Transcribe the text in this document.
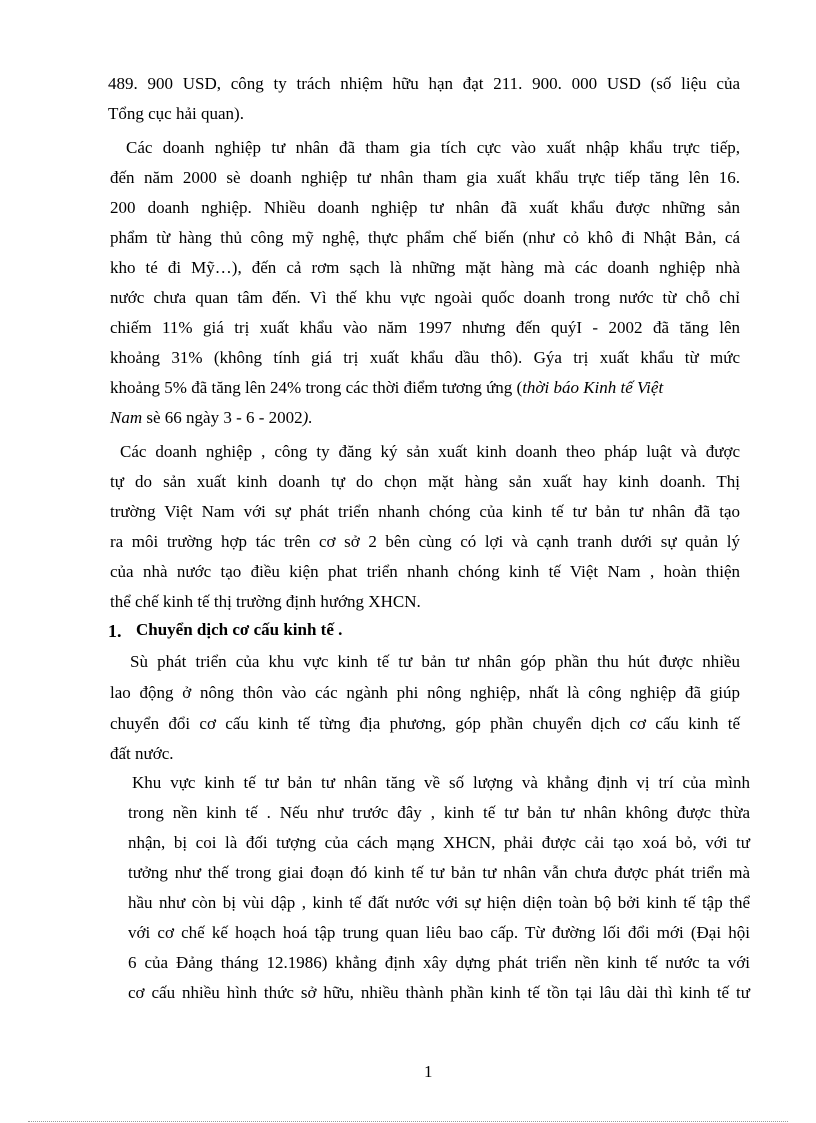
489. 900 USD, công ty trách nhiệm hữu hạn đạt 211. 900. 000 USD (số liệu của
Tổng cục hải quan).
Các doanh nghiệp tư nhân đã tham gia tích cực vào xuất nhập khẩu trực tiếp,
đến năm 2000 sè doanh nghiệp tư nhân tham gia xuất khẩu trực tiếp tăng lên 16.
200 doanh nghiệp. Nhiều doanh nghiệp tư nhân đã xuất khẩu được những sản
phẩm từ hàng thủ công mỹ nghệ, thực phẩm chế biến (như cỏ khô đi Nhật Bản, cá
kho té đi Mỹ…), đến cả rơm sạch là những mặt hàng mà các doanh nghiệp nhà
nước chưa quan tâm đến. Vì thế khu vực ngoài quốc doanh trong nước từ chỗ chỉ
chiếm 11% giá trị xuất khẩu vào năm 1997 nhưng đến quýI - 2002 đã tăng lên
khoảng 31% (không tính giá trị xuất khẩu dầu thô). Gýa trị xuất khẩu từ mức
khoảng 5% đã tăng lên 24% trong các thời điểm tương ứng (thời báo Kinh tế Việt
Nam sè 66 ngày 3 - 6 - 2002).
Các doanh nghiệp , công ty đăng ký sản xuất kinh doanh theo pháp luật và được
tự do sản xuất kinh doanh tự do chọn mặt hàng sản xuất hay kinh doanh. Thị
trường Việt Nam với sự phát triển nhanh chóng của kinh tế tư bản tư nhân đã tạo
ra môi trường hợp tác trên cơ sở 2 bên cùng có lợi và cạnh tranh dưới sự quản lý
của nhà nước tạo điều kiện phat triển nhanh chóng kinh tế Việt Nam , hoàn thiện
thể chế kinh tế thị trường định hướng XHCN.
1. Chuyển dịch cơ cấu kinh tế .
Sù phát triển của khu vực kinh tế tư bản tư nhân góp phần thu hút được nhiều
lao động ở nông thôn vào các ngành phi nông nghiệp, nhất là công nghiệp đã giúp
chuyển đổi cơ cấu kinh tế từng địa phương, góp phần chuyển dịch cơ cấu kinh tế
đất nước.
Khu vực kinh tế tư bản tư nhân tăng về số lượng và khẳng định vị trí của mình
trong nền kinh tế . Nếu như trước đây , kinh tế tư bản tư nhân không được thừa
nhận, bị coi là đối tượng của cách mạng XHCN, phải được cải tạo xoá bỏ, với tư
tưởng như thế trong giai đoạn đó kinh tế tư bản tư nhân vẫn chưa được phát triển mà
hầu như còn bị vùi dập , kinh tế đất nước với sự hiện diện toàn bộ bởi kinh tế tập thể
với cơ chế kế hoạch hoá tập trung quan liêu bao cấp. Từ đường lối đổi mới (Đại hội
6 của Đảng tháng 12.1986) khẳng định xây dựng phát triển nền kinh tế nước ta với
cơ cấu nhiều hình thức sở hữu, nhiều thành phần kinh tế tồn tại lâu dài thì kinh tế tư
1
